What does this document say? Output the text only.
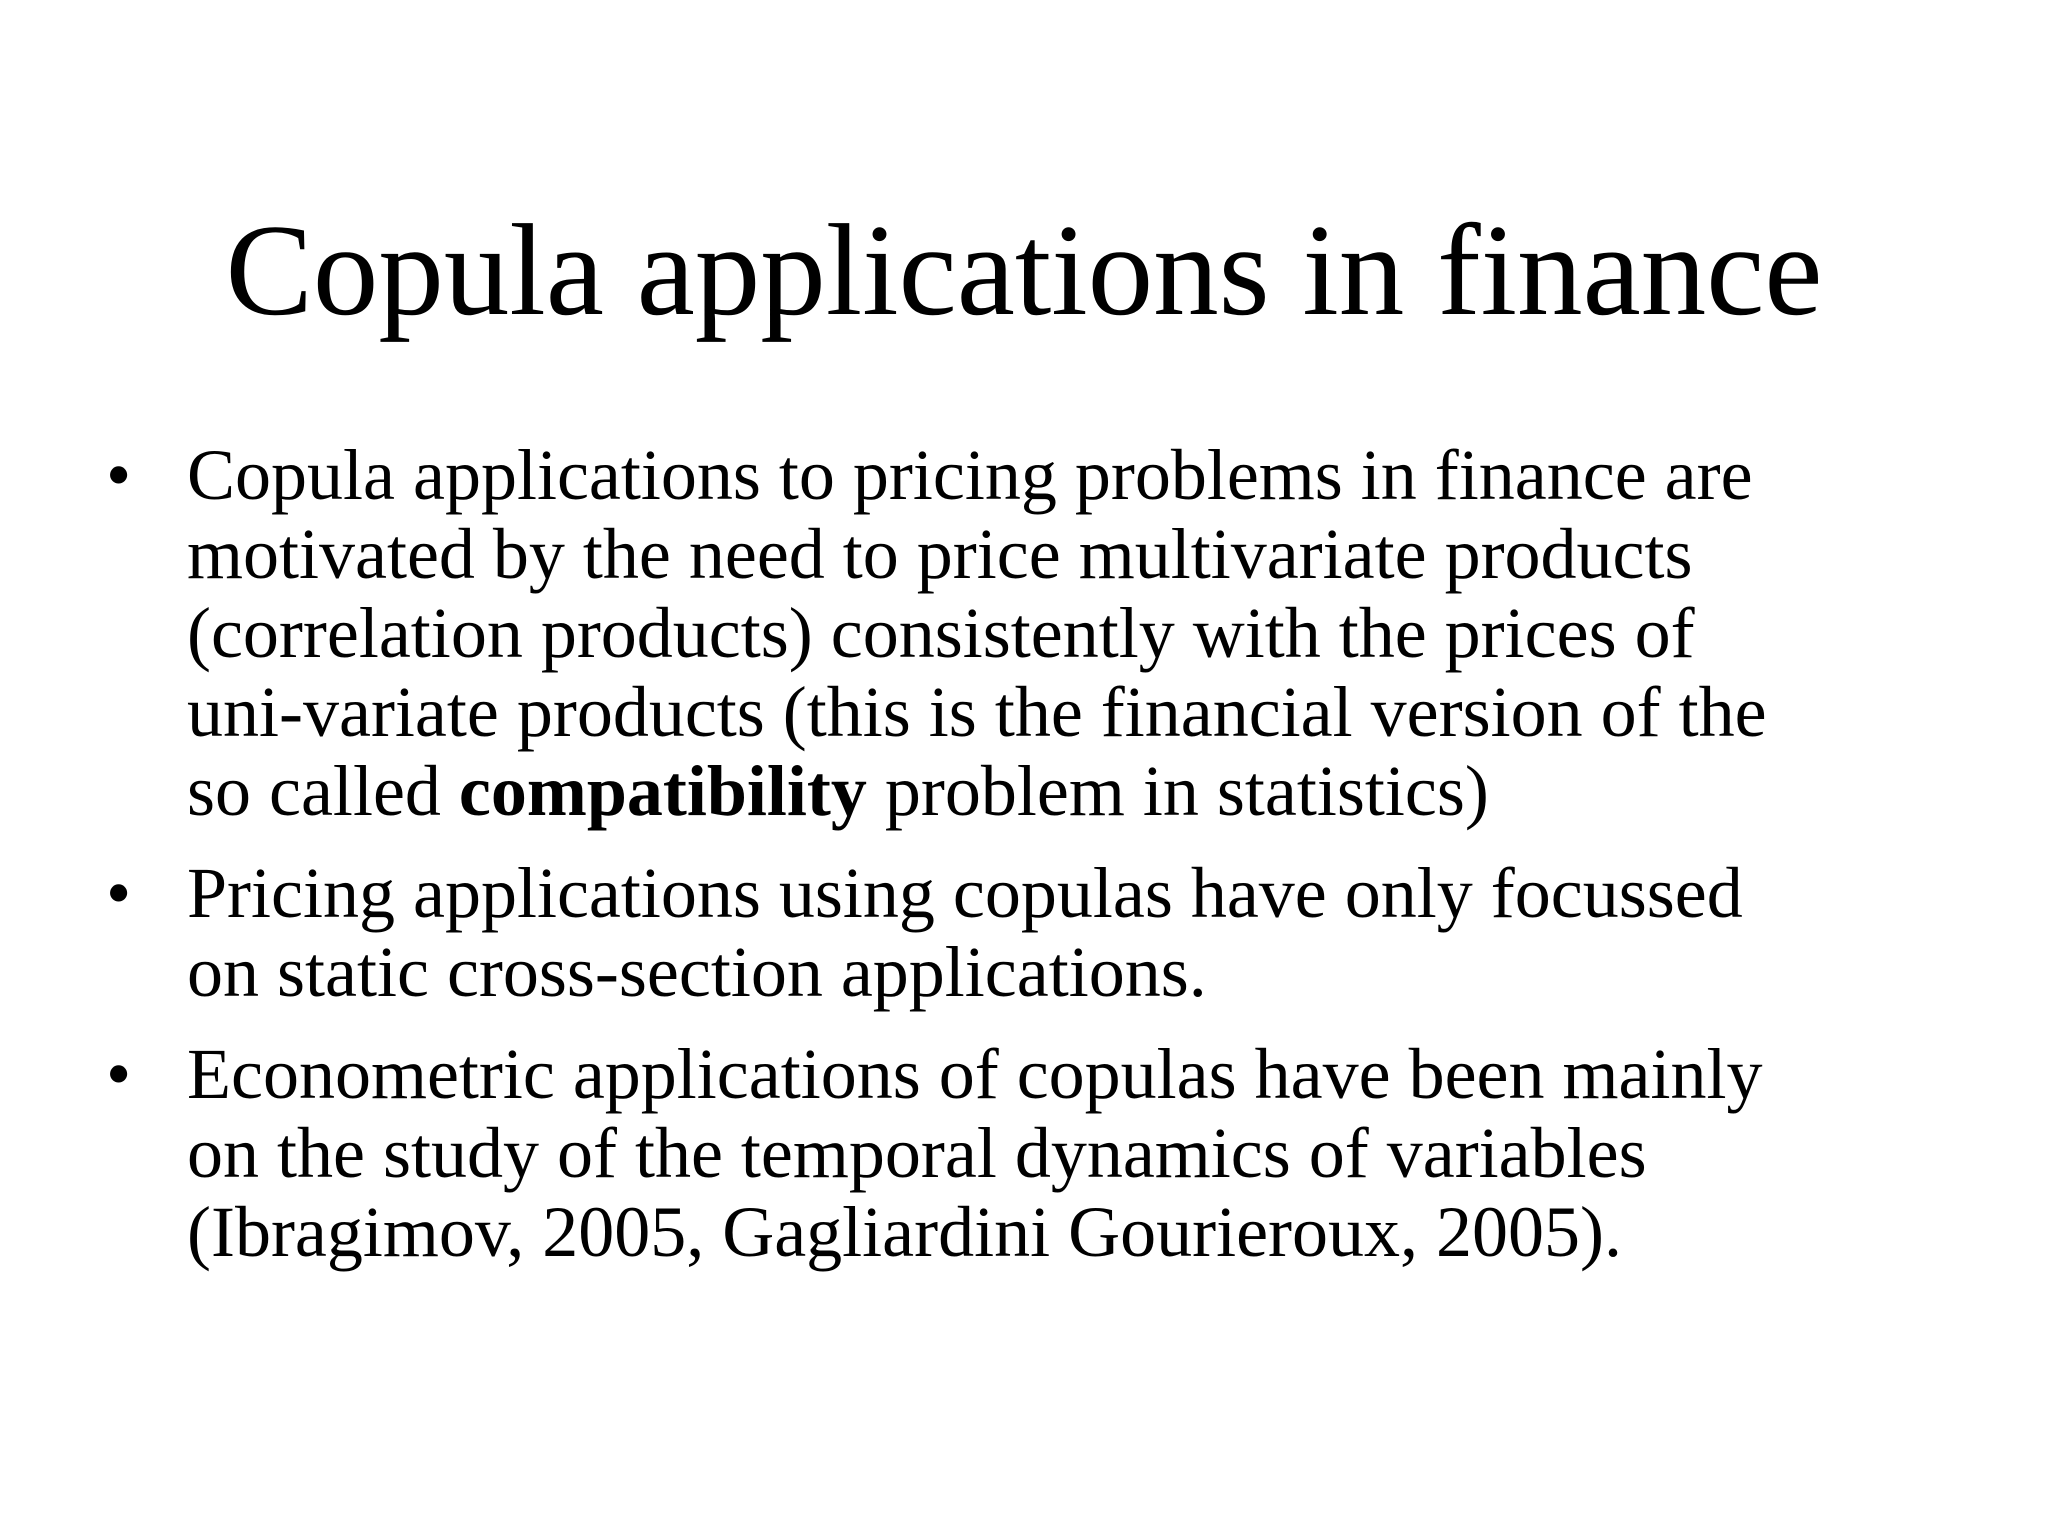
Copula applications in finance
• Copula applications to pricing problems in finance are
motivated by the need to price multivariate products
(correlation products) consistently with the prices of
uni-variate products (this is the financial version of the
so called compatibility problem in statistics)
• Pricing applications using copulas have only focussed
on static cross-section applications.
• Econometric applications of copulas have been mainly
on the study of the temporal dynamics of variables
(Ibragimov, 2005, Gagliardini Gourieroux, 2005).
